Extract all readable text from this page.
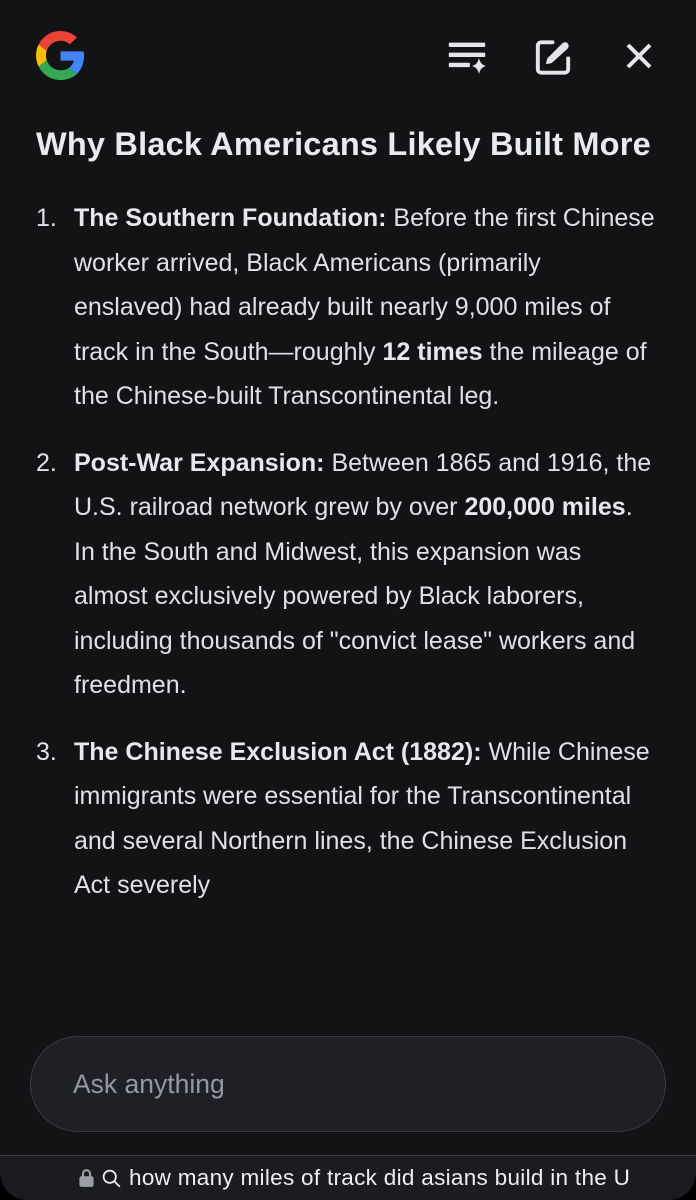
Why Black Americans Likely Built More
1. The Southern Foundation: Before the first Chinese worker arrived, Black Americans (primarily enslaved) had already built nearly 9,000 miles of track in the South—roughly 12 times the mileage of the Chinese-built Transcontinental leg.
2. Post-War Expansion: Between 1865 and 1916, the U.S. railroad network grew by over 200,000 miles. In the South and Midwest, this expansion was almost exclusively powered by Black laborers, including thousands of "convict lease" workers and freedmen.
3. The Chinese Exclusion Act (1882): While Chinese immigrants were essential for the Transcontinental and several Northern lines, the Chinese Exclusion Act severely
Ask anything
how many miles of track did asians build in the U
